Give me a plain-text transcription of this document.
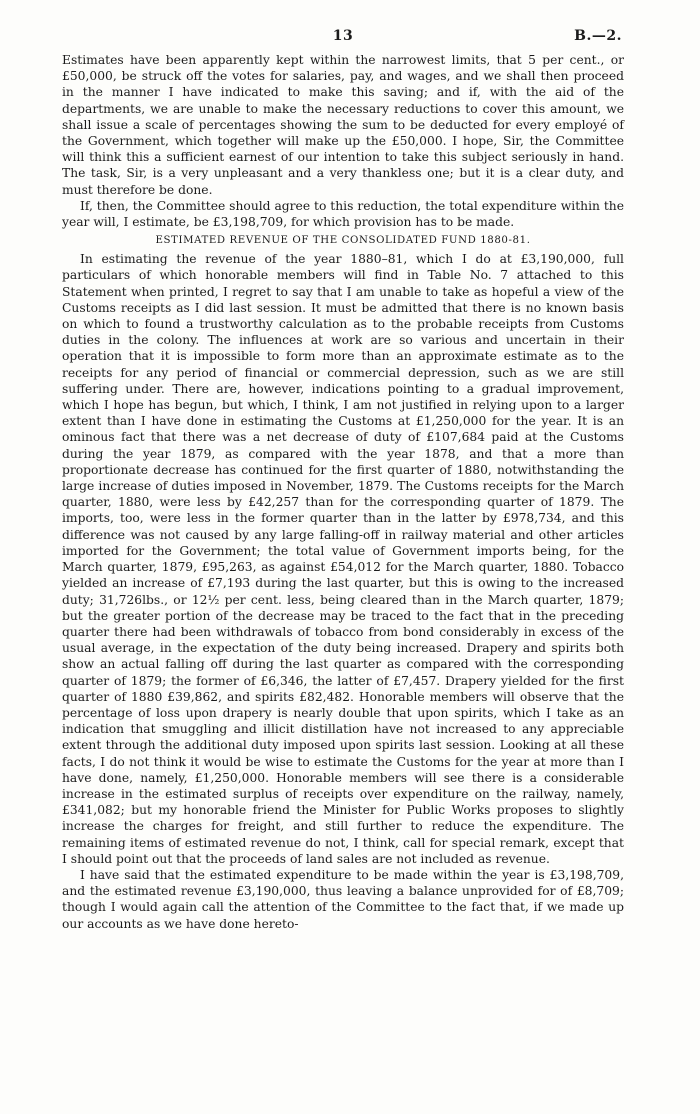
13	B.—2.

Estimates have been apparently kept within the narrowest limits, that 5 per cent., or £50,000, be struck off the votes for salaries, pay, and wages, and we shall then proceed in the manner I have indicated to make this saving; and if, with the aid of the departments, we are unable to make the necessary reductions to cover this amount, we shall issue a scale of percentages showing the sum to be deducted for every employé of the Government, which together will make up the £50,000. I hope, Sir, the Committee will think this a sufficient earnest of our intention to take this subject seriously in hand. The task, Sir, is a very unpleasant and a very thankless one; but it is a clear duty, and must therefore be done.

If, then, the Committee should agree to this reduction, the total expenditure within the year will, I estimate, be £3,198,709, for which provision has to be made.

ESTIMATED REVENUE OF THE CONSOLIDATED FUND 1880-81.

In estimating the revenue of the year 1880–81, which I do at £3,190,000, full particulars of which honorable members will find in Table No. 7 attached to this Statement when printed, I regret to say that I am unable to take as hopeful a view of the Customs receipts as I did last session. It must be admitted that there is no known basis on which to found a trustworthy calculation as to the probable receipts from Customs duties in the colony. The influences at work are so various and uncertain in their operation that it is impossible to form more than an approximate estimate as to the receipts for any period of financial or commercial depression, such as we are still suffering under. There are, however, indications pointing to a gradual improvement, which I hope has begun, but which, I think, I am not justified in relying upon to a larger extent than I have done in estimating the Customs at £1,250,000 for the year. It is an ominous fact that there was a net decrease of duty of £107,684 paid at the Customs during the year 1879, as compared with the year 1878, and that a more than proportionate decrease has continued for the first quarter of 1880, notwithstanding the large increase of duties imposed in November, 1879. The Customs receipts for the March quarter, 1880, were less by £42,257 than for the corresponding quarter of 1879. The imports, too, were less in the former quarter than in the latter by £978,734, and this difference was not caused by any large falling-off in railway material and other articles imported for the Government; the total value of Government imports being, for the March quarter, 1879, £95,263, as against £54,012 for the March quarter, 1880. Tobacco yielded an increase of £7,193 during the last quarter, but this is owing to the increased duty; 31,726lbs., or 12½ per cent. less, being cleared than in the March quarter, 1879; but the greater portion of the decrease may be traced to the fact that in the preceding quarter there had been withdrawals of tobacco from bond considerably in excess of the usual average, in the expectation of the duty being increased. Drapery and spirits both show an actual falling off during the last quarter as compared with the corresponding quarter of 1879; the former of £6,346, the latter of £7,457. Drapery yielded for the first quarter of 1880 £39,862, and spirits £82,482. Honorable members will observe that the percentage of loss upon drapery is nearly double that upon spirits, which I take as an indication that smuggling and illicit distillation have not increased to any appreciable extent through the additional duty imposed upon spirits last session. Looking at all these facts, I do not think it would be wise to estimate the Customs for the year at more than I have done, namely, £1,250,000. Honorable members will see there is a considerable increase in the estimated surplus of receipts over expenditure on the railway, namely, £341,082; but my honorable friend the Minister for Public Works proposes to slightly increase the charges for freight, and still further to reduce the expenditure. The remaining items of estimated revenue do not, I think, call for special remark, except that I should point out that the proceeds of land sales are not included as revenue.

I have said that the estimated expenditure to be made within the year is £3,198,709, and the estimated revenue £3,190,000, thus leaving a balance unprovided for of £8,709; though I would again call the attention of the Committee to the fact that, if we made up our accounts as we have done hereto-
